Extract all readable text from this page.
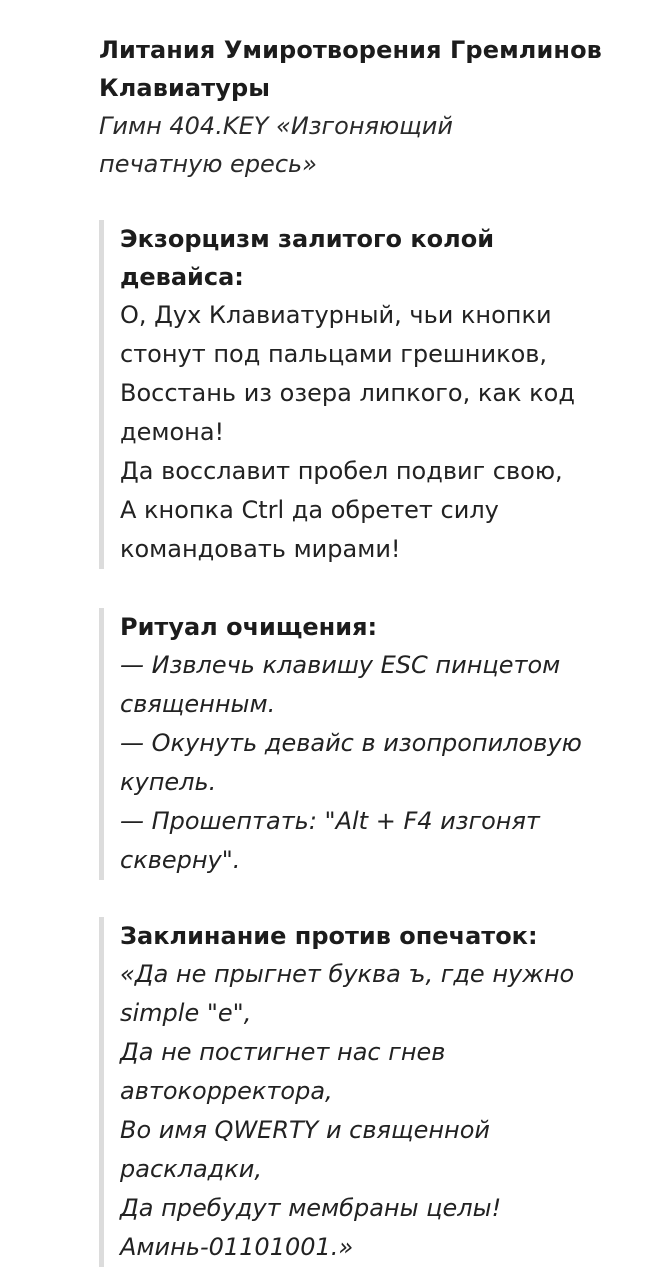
Литания Умиротворения Гремлинов

Клавиатуры

Гимн 404.KEY «Изгоняющий

печатную ересь»

Экзорцизм залитого колой

девайса:

О, Дух Клавиатурный, чьи кнопки

стонут под пальцами грешников,

Восстань из озера липкого, как код

демона!

Да восславит пробел подвиг свою,

А кнопка Ctrl да обретет силу

командовать мирами!

Ритуал очищения:

— Извлечь клавишу ESC пинцетом

священным.

— Окунуть девайс в изопропиловую

купель.

— Прошептать: "Alt + F4 изгонят

скверну".

Заклинание против опечаток:

«Да не прыгнет буква ъ, где нужно

simple "e",

Да не постигнет нас гнев

автокорректора,

Во имя QWERTY и священной

раскладки,

Да пребудут мембраны целы!

Аминь-01101001.»
